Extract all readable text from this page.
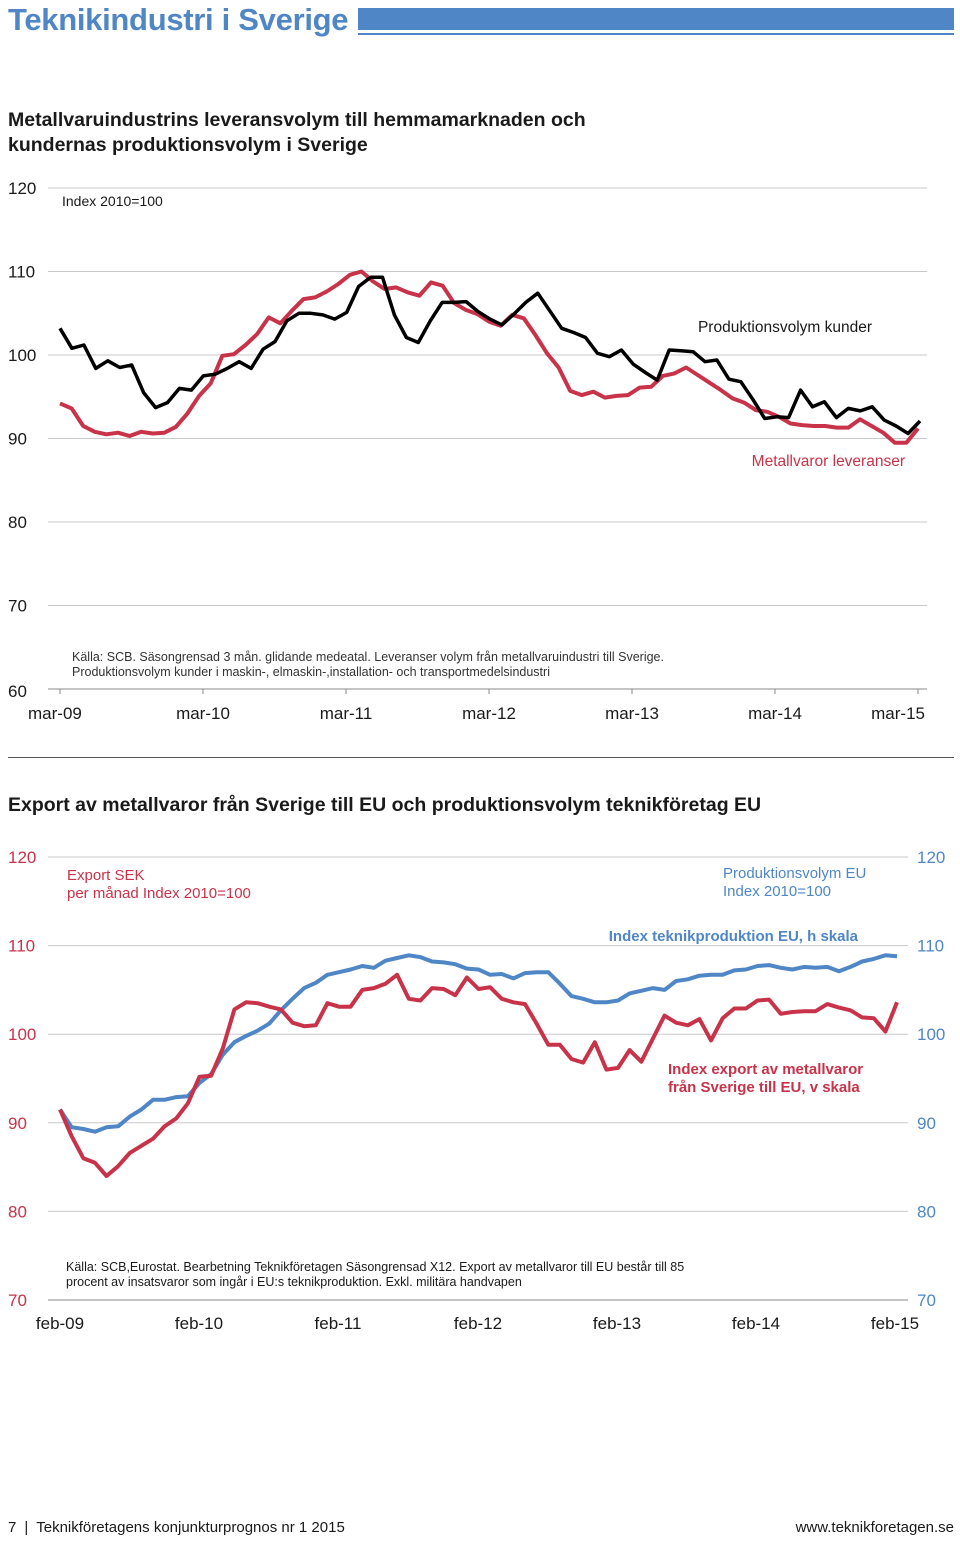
Teknikindustri i Sverige
Metallvaruindustrins leveransvolym till hemmamarknaden och kundernas produktionsvolym i Sverige
Export av metallvaror från Sverige till EU och produktionsvolym teknikföretag EU
60
70
80
90
100
110
120
mar-09	mar-10	mar-11	mar-12	mar-13	mar-14	mar-15
Index 2010=100
Produktionsvolym kunder
Metallvaror leveranser
Källa: SCB. Säsongrensad 3 mån. glidande medeatal. Leveranser volym från metallvaruindustri till Sverige.
Produktionsvolym kunder i maskin-, elmaskin-,installation- och transportmedelsindustri
70	70
80	80
90	90
100	100
110	110
120	120
feb-09	feb-10	feb-11	feb-12	feb-13	feb-14	feb-15
Export SEK
per månad Index 2010=100
Produktionsvolym EU
Index 2010=100
Index teknikproduktion EU, h skala
Index export av metallvaror
från Sverige till EU, v skala
Källa: SCB,Eurostat. Bearbetning Teknikföretagen Säsongrensad X12. Export av metallvaror till EU består till 85
procent av insatsvaror som ingår i EU:s teknikproduktion. Exkl. militära handvapen
7 | Teknikföretagens konjunkturprognos nr 1 2015	www.teknikforetagen.se
